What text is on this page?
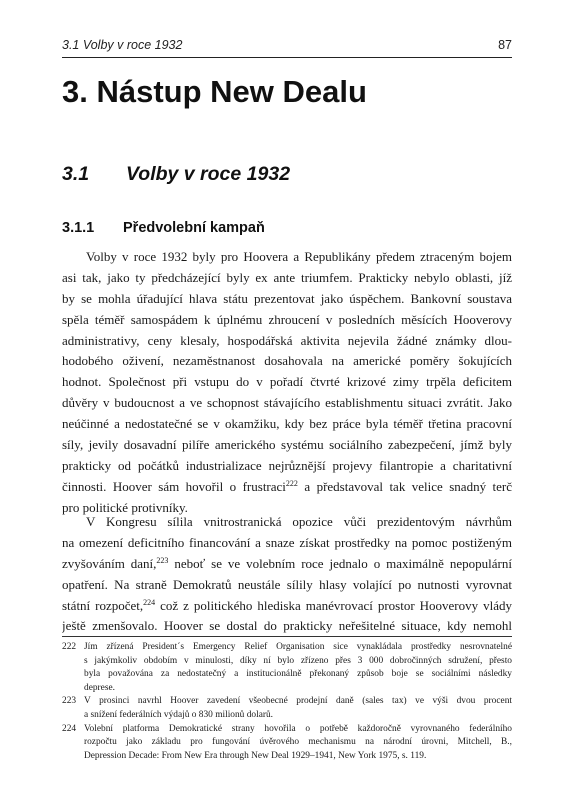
3.1 Volby v roce 1932	87
3. Nástup New Dealu
3.1 Volby v roce 1932
3.1.1 Předvolební kampaň
Volby v roce 1932 byly pro Hoovera a Republikány předem ztraceným bojem
asi tak, jako ty předcházející byly ex ante triumfem. Prakticky nebylo oblasti, jíž
by se mohla úřadující hlava státu prezentovat jako úspěchem. Bankovní soustava
spěla téměř samospádem k úplnému zhroucení v posledních měsících Hooverovy
administrativy, ceny klesaly, hospodářská aktivita nejevila žádné známky dlou-
hodobého oživení, nezaměstnanost dosahovala na americké poměry šokujících
hodnot. Společnost při vstupu do v pořadí čtvrté krizové zimy trpěla deficitem
důvěry v budoucnost a ve schopnost stávajícího establishmentu situaci zvrátit. Jako
neúčinné a nedostatečné se v okamžiku, kdy bez práce byla téměř třetina pracovní
síly, jevily dosavadní pilíře amerického systému sociálního zabezpečení, jímž byly
prakticky od počátků industrializace nejrůznější projevy filantropie a charitativní
činnosti. Hoover sám hovořil o frustraci$^{222}$ a představoval tak velice snadný terč
pro politické protivníky.
V Kongresu sílila vnitrostranická opozice vůči prezidentovým návrhům
na omezení deficitního financování a snaze získat prostředky na pomoc postiženým
zvyšováním daní,$^{223}$ neboť se ve volebním roce jednalo o maximálně nepopulární
opatření. Na straně Demokratů neustále sílily hlasy volající po nutnosti vyrovnat
státní rozpočet,$^{224}$ což z politického hlediska manévrovací prostor Hooverovy vlády
ještě zmenšovalo. Hoover se dostal do prakticky neřešitelné situace, kdy nemohl
222 Jím zřízená President´s Emergency Relief Organisation sice vynakládala prostředky nesrovnatelné
s jakýmkoliv obdobím v minulosti, díky ní bylo zřízeno přes 3 000 dobročinných sdružení, přesto
byla považována za nedostatečný a institucionálně překonaný způsob boje se sociálními následky
deprese.
223 V prosinci navrhl Hoover zavedení všeobecné prodejní daně (sales tax) ve výši dvou procent
a snížení federálních výdajů o 830 milionů dolarů.
224 Volební platforma Demokratické strany hovořila o potřebě každoročně vyrovnaného federálního
rozpočtu jako základu pro fungování úvěrového mechanismu na národní úrovni, Mitchell, B.,
Depression Decade: From New Era through New Deal 1929–1941, New York 1975, s. 119.
